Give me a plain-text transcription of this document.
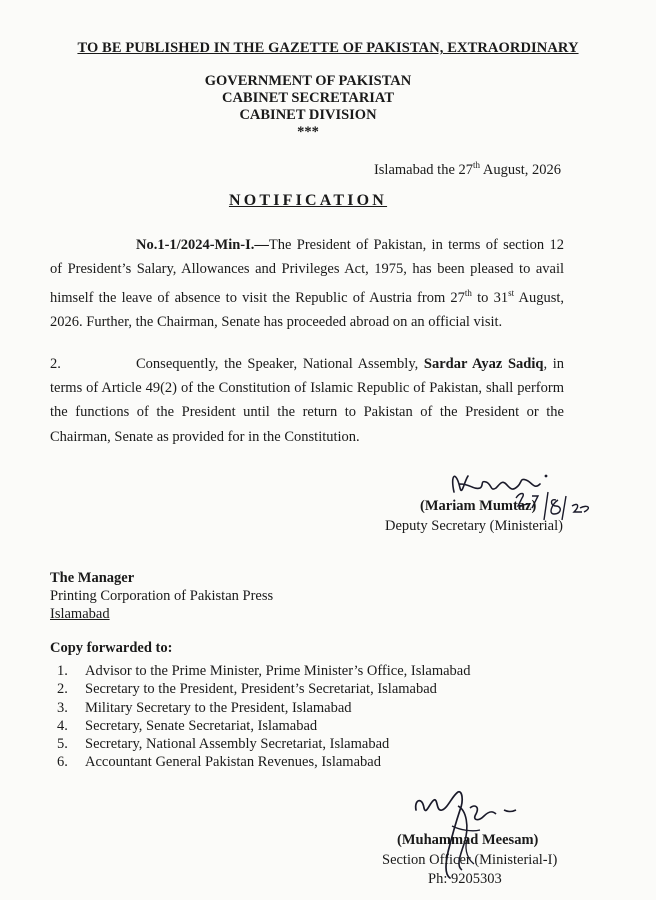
TO BE PUBLISHED IN THE GAZETTE OF PAKISTAN, EXTRAORDINARY
GOVERNMENT OF PAKISTAN
CABINET SECRETARIAT
CABINET DIVISION
***
Islamabad the 27th August, 2026
NOTIFICATION
No.1-1/2024-Min-I.—The President of Pakistan, in terms of section 12 of President’s Salary, Allowances and Privileges Act, 1975, has been pleased to avail himself the leave of absence to visit the Republic of Austria from 27th to 31st August, 2026. Further, the Chairman, Senate has proceeded abroad on an official visit.
2.	Consequently, the Speaker, National Assembly, Sardar Ayaz Sadiq, in terms of Article 49(2) of the Constitution of Islamic Republic of Pakistan, shall perform the functions of the President until the return to Pakistan of the President or the Chairman, Senate as provided for in the Constitution.
(Mariam Mumtaz)
Deputy Secretary (Ministerial)
The Manager
Printing Corporation of Pakistan Press
Islamabad
Copy forwarded to:
1. Advisor to the Prime Minister, Prime Minister’s Office, Islamabad
2. Secretary to the President, President’s Secretariat, Islamabad
3. Military Secretary to the President, Islamabad
4. Secretary, Senate Secretariat, Islamabad
5. Secretary, National Assembly Secretariat, Islamabad
6. Accountant General Pakistan Revenues, Islamabad
(Muhammad Meesam)
Section Officer (Ministerial-I)
Ph: 9205303
